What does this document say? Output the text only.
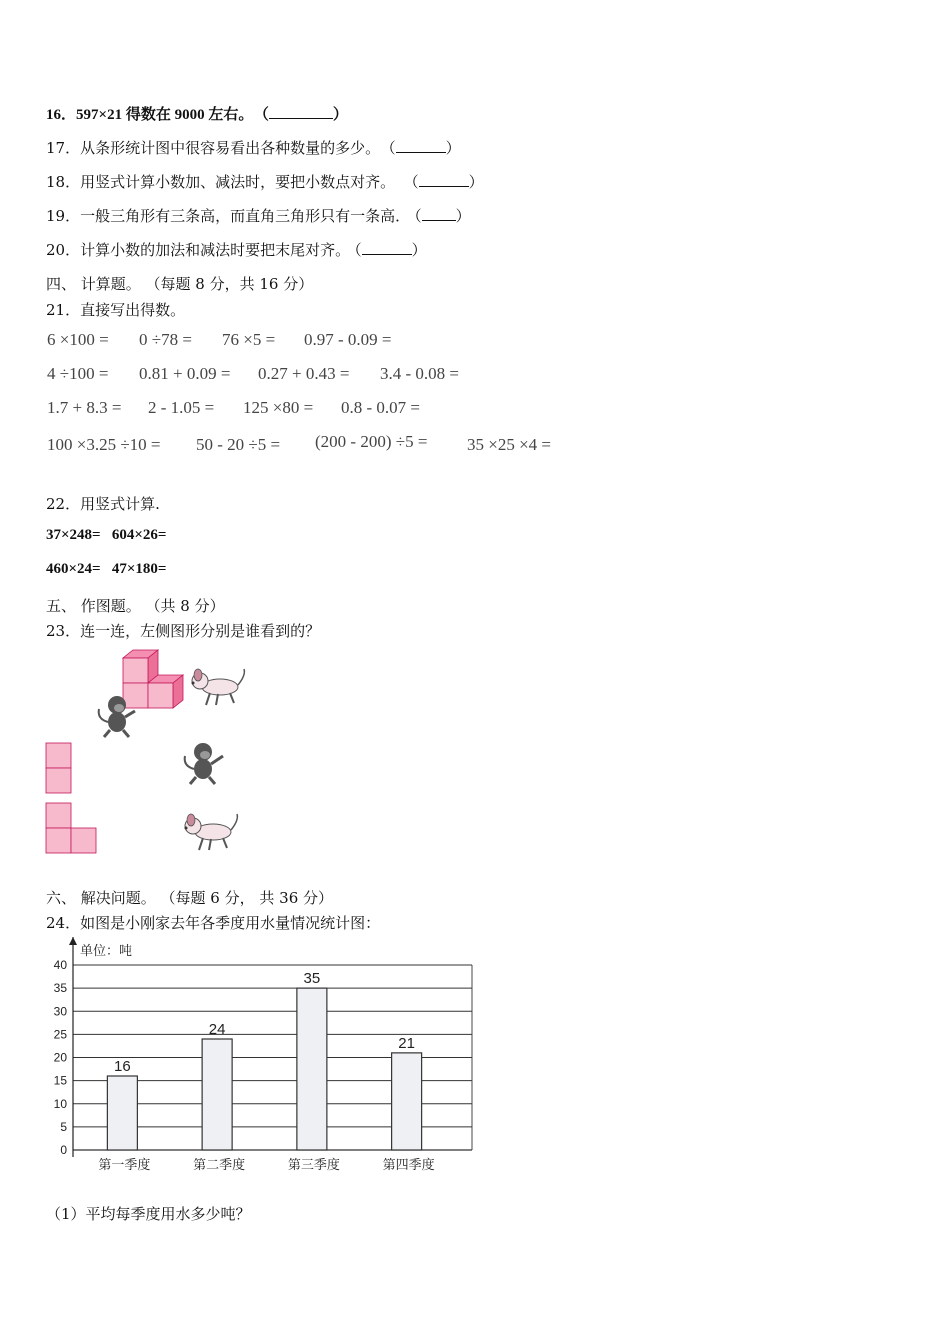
16．597×21 得数在 9000 左右。 （	）
17．从条形统计图中很容易看出各种数量的多少。 （	）
18．用竖式计算小数加、减法时，要把小数点对齐。 （	）
19．一般三角形有三条高，而直角三角形只有一条高． （ ）
20．计算小数的加法和减法时要把末尾对齐。 （	）
四、 计算题。 （每题 8 分，共 16 分）
21．直接写出得数。
6 ×100 = 0 ÷78 = 76 ×5 = 0.97 - 0.09 =
4 ÷100 = 0.81 + 0.09 = 0.27 + 0.43 = 3.4 - 0.08 =
1.7 + 8.3 = 2 - 1.05 = 125 ×80 = 0.8 - 0.07 =
100 ×3.25 ÷10 = 50 - 20 ÷5 = (200 - 200) ÷5 = 35 ×25 ×4 =
22．用竖式计算.
37×248=   604×26=
460×24=   47×180=
五、 作图题。 （共 8 分）
23．连一连，左侧图形分别是谁看到的？
六、 解决问题。 （每题 6 分， 共 36 分）
24．如图是小刚家去年各季度用水量情况统计图：
0
5
10
15
20
25
30
35
40
16
24
35
21
第一季度	第二季度	第三季度	第四季度
单位：吨
（1）平均每季度用水多少吨？
